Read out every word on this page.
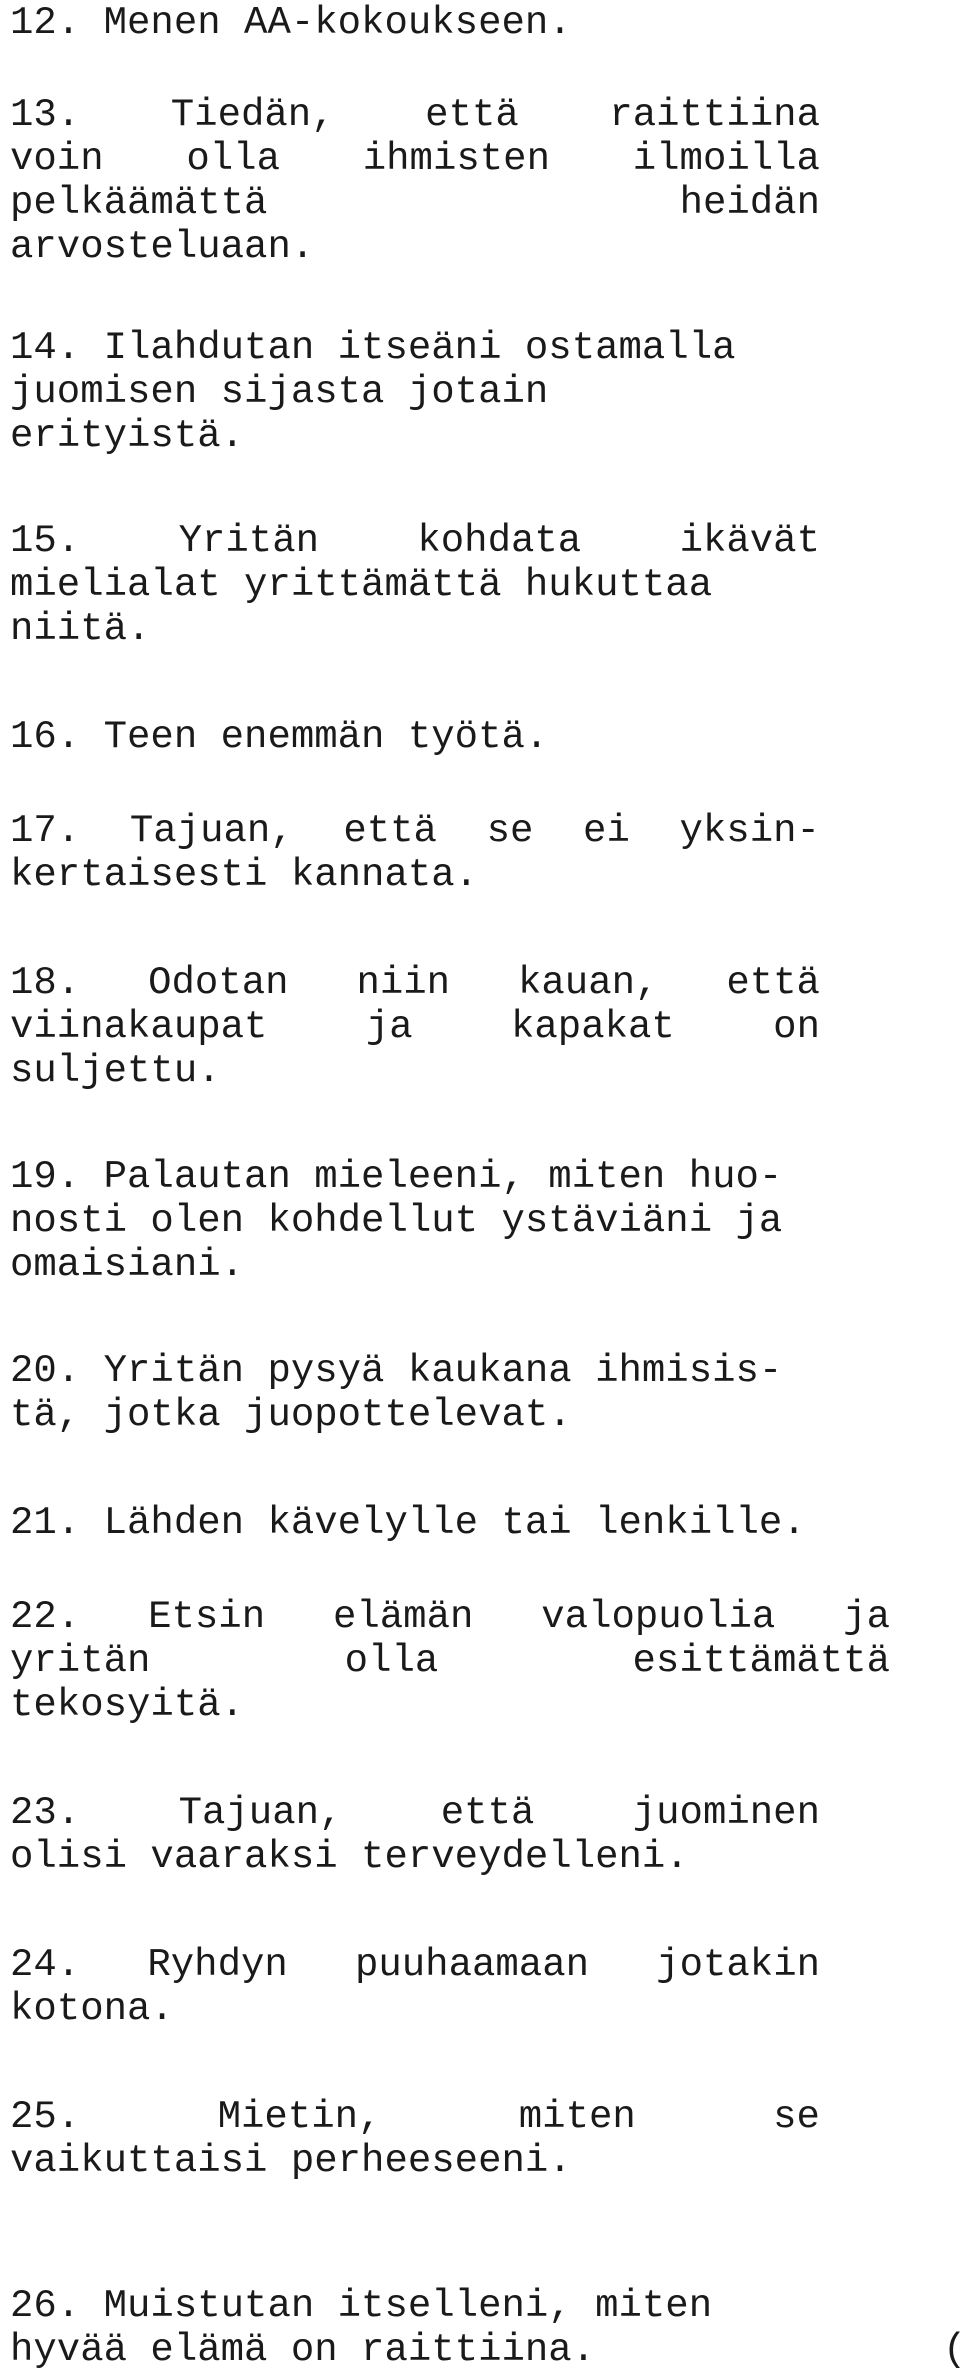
12. Menen AA-kokoukseen.
13. Tiedän, että raittiina
voin olla ihmisten ilmoilla
pelkäämättä	heidän
arvosteluaan.
14. Ilahdutan itseäni ostamalla
juomisen sijasta jotain
erityistä.
15.	Yritän	kohdata	ikävät
mielialat yrittämättä hukuttaa
niitä.
16. Teen enemmän työtä.
17. Tajuan, että se ei yksin-
kertaisesti kannata.
18. Odotan niin kauan, että
viinakaupat	ja	kapakat	on
suljettu.
19. Palautan mieleeni, miten huo-
nosti olen kohdellut ystäviäni ja
omaisiani.
20. Yritän pysyä kaukana ihmisis-
tä, jotka juopottelevat.
21. Lähden kävelylle tai lenkille.
22. Etsin elämän valopuolia ja
yritän	olla	esittämättä
tekosyitä.
23.	Tajuan,	että	juominen
olisi vaaraksi terveydelleni.
24. Ryhdyn puuhaamaan jotakin
kotona.
25.	Mietin,	miten	se
vaikuttaisi perheeseeni.
26. Muistutan itselleni, miten
hyvää elämä on raittiina.	(
